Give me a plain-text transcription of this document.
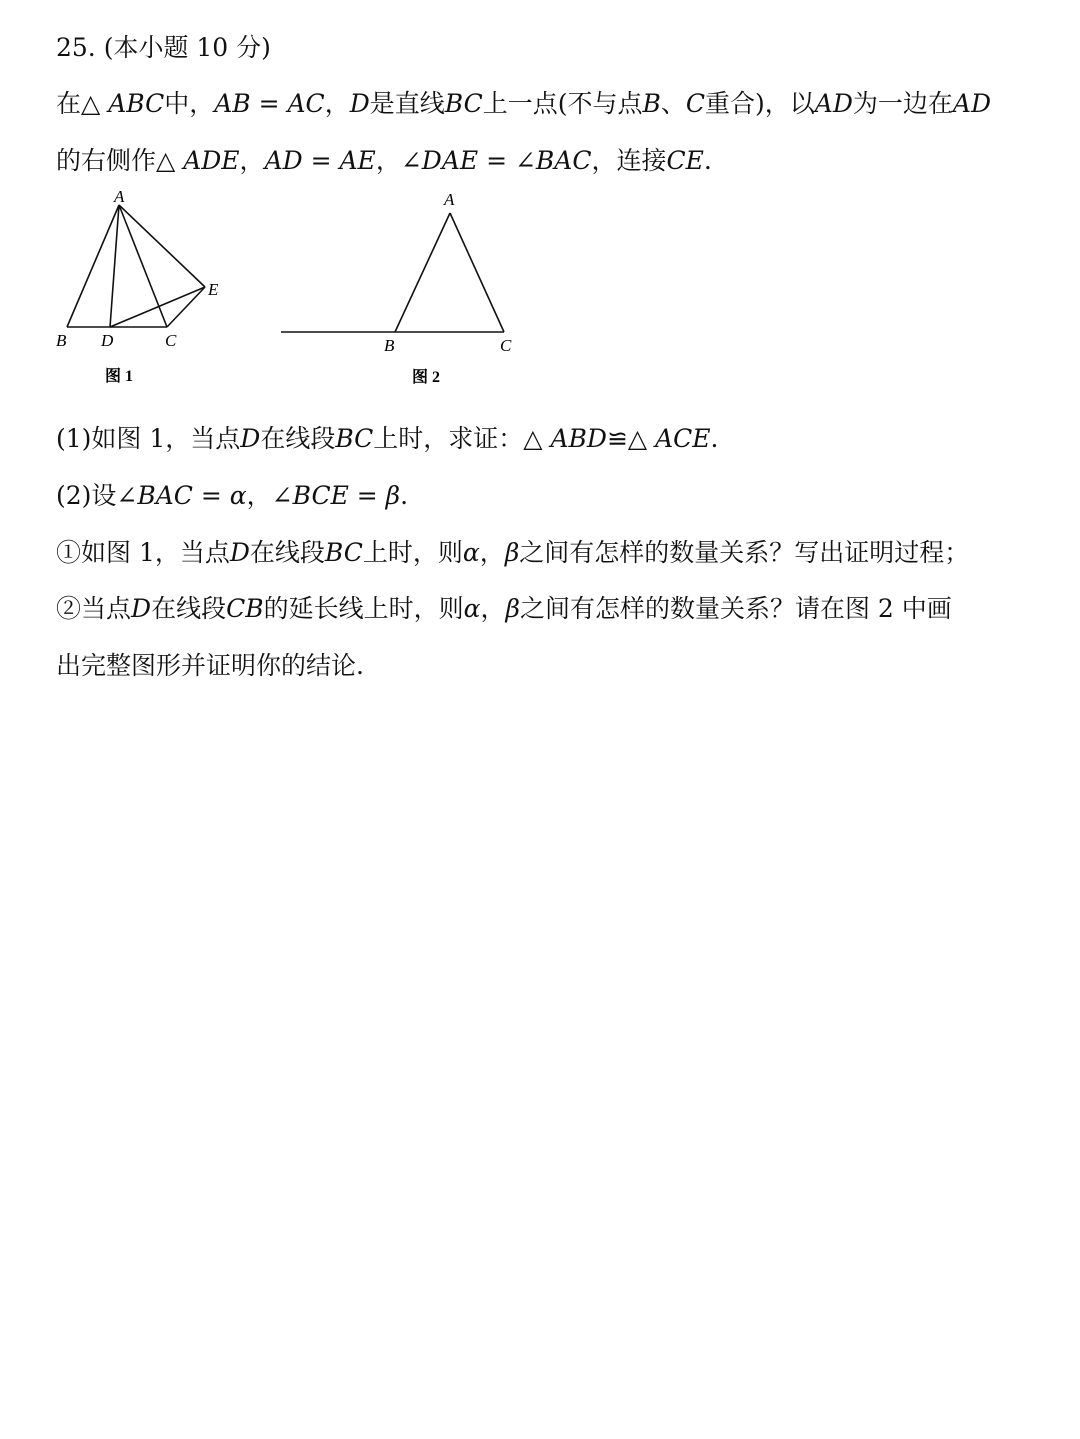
25. (本小题 10 分)
在△ ABC中，AB = AC，D是直线BC上一点(不与点B、C重合)，以AD为一边在AD
的右侧作△ ADE，AD = AE，∠DAE = ∠BAC，连接CE.
A
B D	C
E
图 1
A
B	C
图 2
(1)如图 1，当点D在线段BC上时，求证：△ ABD≌△ ACE.
(2)设∠BAC = α，∠BCE = β.
①如图 1，当点D在线段BC上时，则α，β之间有怎样的数量关系？写出证明过程；
②当点D在线段CB的延长线上时，则α，β之间有怎样的数量关系？请在图 2 中画
出完整图形并证明你的结论.
